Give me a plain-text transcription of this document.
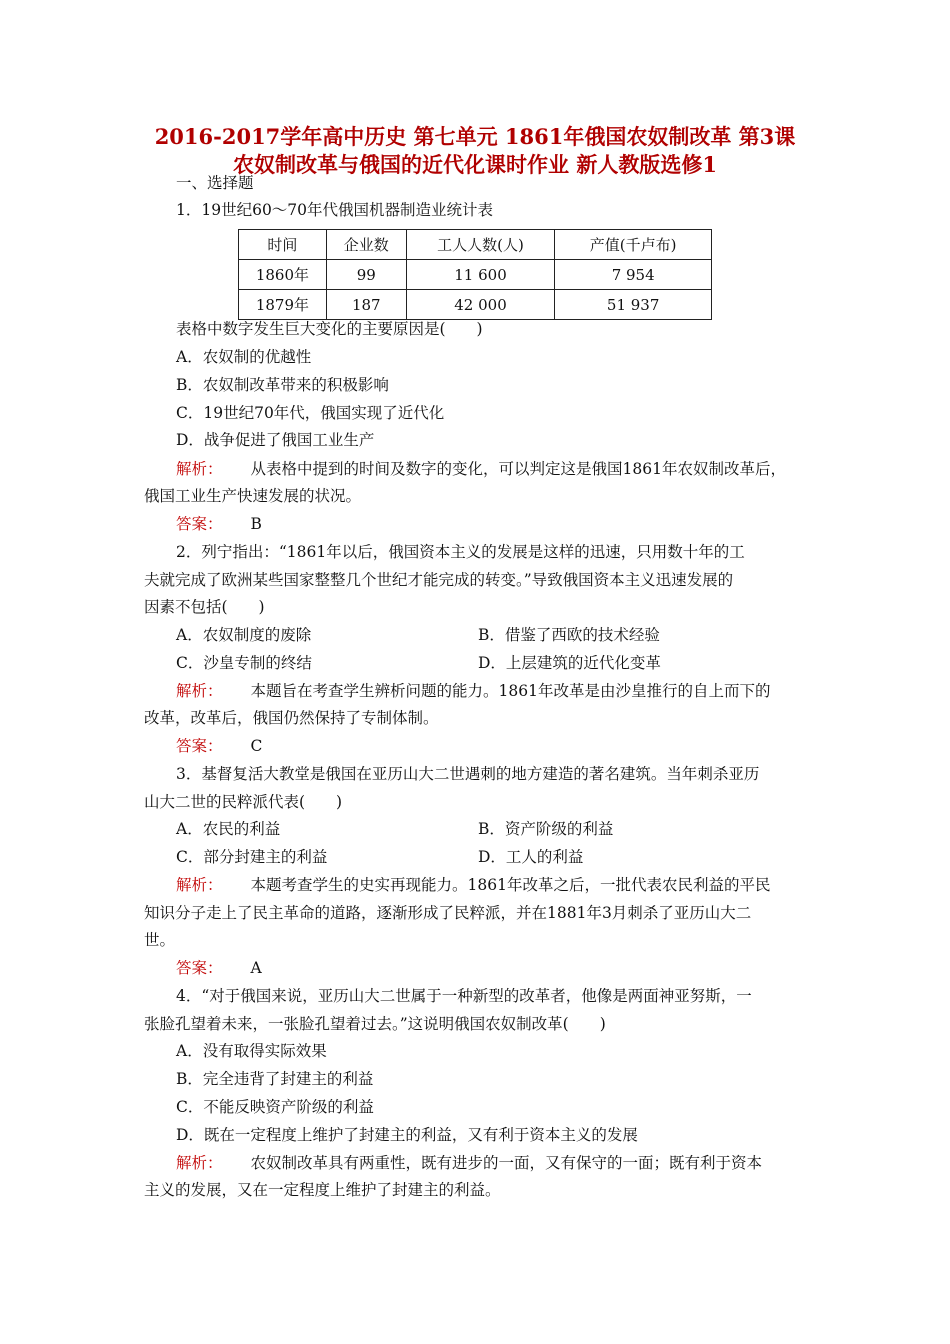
2016-2017学年高中历史 第七单元 1861年俄国农奴制改革 第3课
农奴制改革与俄国的近代化课时作业 新人教版选修1
一、选择题
1．19世纪60～70年代俄国机器制造业统计表
时间	企业数	工人人数(人)	产值(千卢布)
1860年	99	11 600	7 954
1879年	187	42 000	51 937
表格中数字发生巨大变化的主要原因是(　　)
A．农奴制的优越性
B．农奴制改革带来的积极影响
C．19世纪70年代，俄国实现了近代化
D．战争促进了俄国工业生产
解析： 从表格中提到的时间及数字的变化，可以判定这是俄国1861年农奴制改革后，
俄国工业生产快速发展的状况。
答案： B
2．列宁指出：“1861年以后，俄国资本主义的发展是这样的迅速，只用数十年的工
夫就完成了欧洲某些国家整整几个世纪才能完成的转变。”导致俄国资本主义迅速发展的
因素不包括(　　)
A．农奴制度的废除	B．借鉴了西欧的技术经验
C．沙皇专制的终结	D．上层建筑的近代化变革
解析： 本题旨在考查学生辨析问题的能力。1861年改革是由沙皇推行的自上而下的
改革，改革后，俄国仍然保持了专制体制。
答案： C
3．基督复活大教堂是俄国在亚历山大二世遇刺的地方建造的著名建筑。当年刺杀亚历
山大二世的民粹派代表(　　)
A．农民的利益	B．资产阶级的利益
C．部分封建主的利益	D．工人的利益
解析： 本题考查学生的史实再现能力。1861年改革之后，一批代表农民利益的平民
知识分子走上了民主革命的道路，逐渐形成了民粹派，并在1881年3月刺杀了亚历山大二
世。
答案： A
4．“对于俄国来说，亚历山大二世属于一种新型的改革者，他像是两面神亚努斯，一
张脸孔望着未来，一张脸孔望着过去。”这说明俄国农奴制改革(　　)
A．没有取得实际效果
B．完全违背了封建主的利益
C．不能反映资产阶级的利益
D．既在一定程度上维护了封建主的利益，又有利于资本主义的发展
解析： 农奴制改革具有两重性，既有进步的一面，又有保守的一面；既有利于资本
主义的发展，又在一定程度上维护了封建主的利益。
